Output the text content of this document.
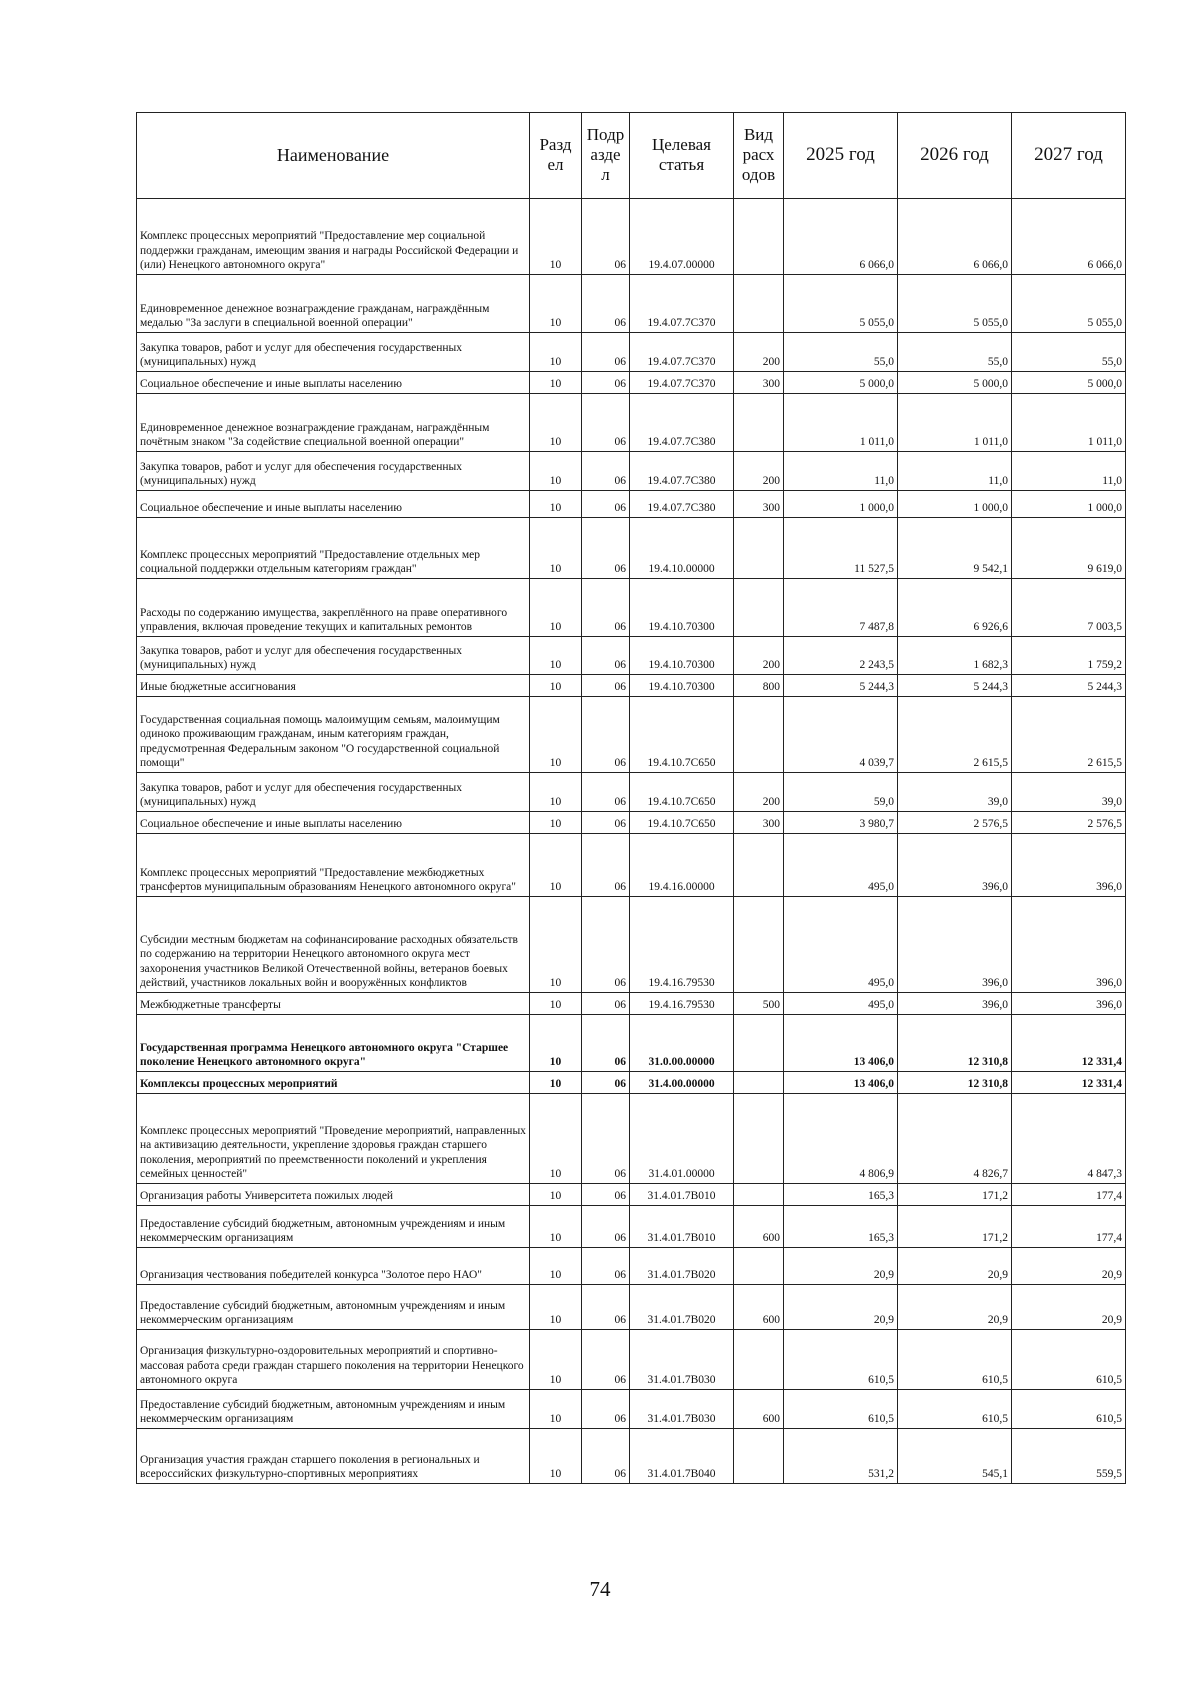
Наименование	Разд ел	Подр азде л	Целевая статья	Вид расх одов	2025 год	2026 год	2027 год
Комплекс процессных мероприятий "Предоставление мер социальной поддержки гражданам, имеющим звания и награды Российской Федерации и (или) Ненецкого автономного округа"	10	06	19.4.07.00000		6 066,0	6 066,0	6 066,0
Единовременное денежное вознаграждение гражданам, награждённым медалью "За заслуги в специальной военной операции"	10	06	19.4.07.7С370		5 055,0	5 055,0	5 055,0
Закупка товаров, работ и услуг для обеспечения государственных (муниципальных) нужд	10	06	19.4.07.7С370	200	55,0	55,0	55,0
Социальное обеспечение и иные выплаты населению	10	06	19.4.07.7С370	300	5 000,0	5 000,0	5 000,0
Единовременное денежное вознаграждение гражданам, награждённым почётным знаком "За содействие специальной военной операции"	10	06	19.4.07.7С380		1 011,0	1 011,0	1 011,0
Закупка товаров, работ и услуг для обеспечения государственных (муниципальных) нужд	10	06	19.4.07.7С380	200	11,0	11,0	11,0
Социальное обеспечение и иные выплаты населению	10	06	19.4.07.7С380	300	1 000,0	1 000,0	1 000,0
Комплекс процессных мероприятий "Предоставление отдельных мер социальной поддержки отдельным категориям граждан"	10	06	19.4.10.00000		11 527,5	9 542,1	9 619,0
Расходы по содержанию имущества, закреплённого на праве оперативного управления, включая проведение текущих и капитальных ремонтов	10	06	19.4.10.70300		7 487,8	6 926,6	7 003,5
Закупка товаров, работ и услуг для обеспечения государственных (муниципальных) нужд	10	06	19.4.10.70300	200	2 243,5	1 682,3	1 759,2
Иные бюджетные ассигнования	10	06	19.4.10.70300	800	5 244,3	5 244,3	5 244,3
Государственная социальная помощь малоимущим семьям, малоимущим одиноко проживающим гражданам, иным категориям граждан, предусмотренная Федеральным законом "О государственной социальной помощи"	10	06	19.4.10.7С650		4 039,7	2 615,5	2 615,5
Закупка товаров, работ и услуг для обеспечения государственных (муниципальных) нужд	10	06	19.4.10.7С650	200	59,0	39,0	39,0
Социальное обеспечение и иные выплаты населению	10	06	19.4.10.7С650	300	3 980,7	2 576,5	2 576,5
Комплекс процессных мероприятий "Предоставление межбюджетных трансфертов муниципальным образованиям Ненецкого автономного округа"	10	06	19.4.16.00000		495,0	396,0	396,0
Субсидии местным бюджетам на софинансирование расходных обязательств по содержанию на территории Ненецкого автономного округа мест захоронения участников Великой Отечественной войны, ветеранов боевых действий, участников локальных войн и вооружённых конфликтов	10	06	19.4.16.79530		495,0	396,0	396,0
Межбюджетные трансферты	10	06	19.4.16.79530	500	495,0	396,0	396,0
Государственная программа Ненецкого автономного округа "Старшее поколение Ненецкого автономного округа"	10	06	31.0.00.00000		13 406,0	12 310,8	12 331,4
Комплексы процессных мероприятий	10	06	31.4.00.00000		13 406,0	12 310,8	12 331,4
Комплекс процессных мероприятий "Проведение мероприятий, направленных на активизацию деятельности, укрепление здоровья граждан старшего поколения, мероприятий по преемственности поколений и укрепления семейных ценностей"	10	06	31.4.01.00000		4 806,9	4 826,7	4 847,3
Организация работы Университета пожилых людей	10	06	31.4.01.7В010		165,3	171,2	177,4
Предоставление субсидий бюджетным, автономным учреждениям и иным некоммерческим организациям	10	06	31.4.01.7В010	600	165,3	171,2	177,4
Организация чествования победителей конкурса "Золотое перо НАО"	10	06	31.4.01.7В020		20,9	20,9	20,9
Предоставление субсидий бюджетным, автономным учреждениям и иным некоммерческим организациям	10	06	31.4.01.7В020	600	20,9	20,9	20,9
Организация физкультурно-оздоровительных мероприятий и спортивно-массовая работа среди граждан старшего поколения на территории Ненецкого автономного округа	10	06	31.4.01.7В030		610,5	610,5	610,5
Предоставление субсидий бюджетным, автономным учреждениям и иным некоммерческим организациям	10	06	31.4.01.7В030	600	610,5	610,5	610,5
Организация участия граждан старшего поколения в региональных и всероссийских физкультурно-спортивных мероприятиях	10	06	31.4.01.7В040		531,2	545,1	559,5
74
